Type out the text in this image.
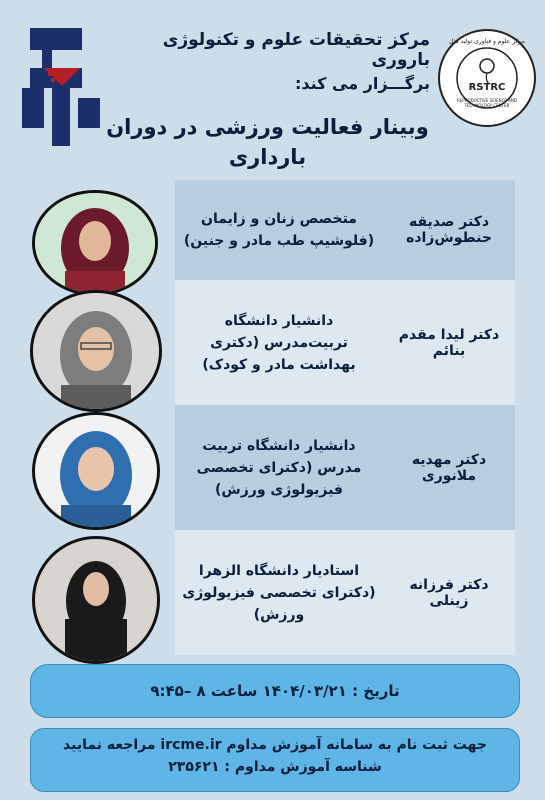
مرکز تحقیقات علوم و تکنولوژی باروری
برگـــزار می کند:
مرکز علوم و فناوری تولید مثل
RSTRC
REPRODUCTIVE SCIENCE AND TECHNOLOGY CENTER
وبینار فعالیت ورزشی در دوران بارداری
دکتر صدیقه حنطوش‌زاده
متخصص زنان و زایمان (فلوشیپ طب مادر و جنین)
دکتر لیدا مقدم بنائم
دانشیار دانشگاه تربیت‌مدرس (دکتری بهداشت مادر و کودک)
دکتر مهدیه ملانوری
دانشیار دانشگاه تربیت مدرس (دکترای تخصصی فیزیولوژی ورزش)
دکتر فرزانه زینلی
استادیار دانشگاه الزهرا (دکترای تخصصی فیزیولوژی ورزش)
تاریخ : ۱۴۰۴/۰۳/۲۱ ساعت ۸ –۹:۴۵
جهت ثبت نام به سامانه آموزش مداوم ircme.ir مراجعه نمایید
شناسه آموزش مداوم : ۲۳۵۶۲۱
